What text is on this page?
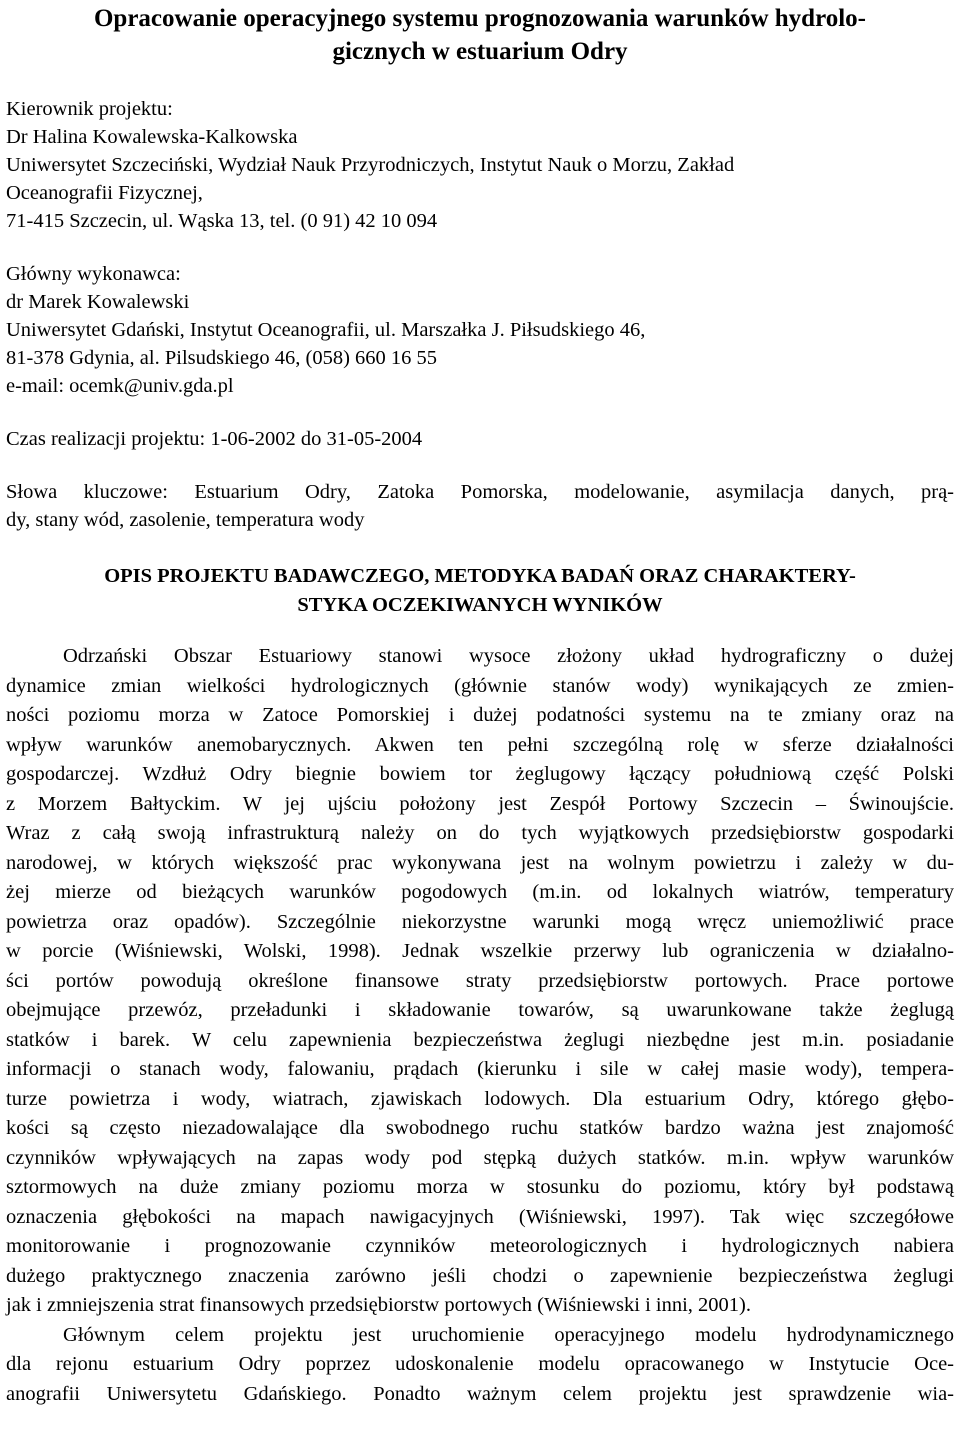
Opracowanie operacyjnego systemu prognozowania warunków hydrolo-
gicznych w estuarium Odry
Kierownik projektu:
Dr Halina Kowalewska-Kalkowska
Uniwersytet Szczeciński, Wydział Nauk Przyrodniczych, Instytut Nauk o Morzu, Zakład
Oceanografii Fizycznej,
71-415 Szczecin, ul. Wąska 13, tel. (0 91) 42 10 094
Główny wykonawca:
dr Marek Kowalewski
Uniwersytet Gdański, Instytut Oceanografii, ul. Marszałka J. Piłsudskiego 46,
81-378 Gdynia, al. Pilsudskiego 46, (058) 660 16 55
e-mail: ocemk@univ.gda.pl
Czas realizacji projektu: 1-06-2002 do 31-05-2004
Słowa kluczowe: Estuarium Odry, Zatoka Pomorska, modelowanie, asymilacja danych, prą-
dy, stany wód, zasolenie, temperatura wody
OPIS PROJEKTU BADAWCZEGO, METODYKA BADAŃ ORAZ CHARAKTERY-
STYKA OCZEKIWANYCH WYNIKÓW
Odrzański Obszar Estuariowy stanowi wysoce złożony układ hydrograficzny o dużej
dynamice zmian wielkości hydrologicznych (głównie stanów wody) wynikających ze zmien-
ności poziomu morza w Zatoce Pomorskiej i dużej podatności systemu na te zmiany oraz na
wpływ warunków anemobarycznych. Akwen ten pełni szczególną rolę w sferze działalności
gospodarczej. Wzdłuż Odry biegnie bowiem tor żeglugowy łączący południową część Polski
z Morzem Bałtyckim. W jej ujściu położony jest Zespół Portowy Szczecin – Świnoujście.
Wraz z całą swoją infrastrukturą należy on do tych wyjątkowych przedsiębiorstw gospodarki
narodowej, w których większość prac wykonywana jest na wolnym powietrzu i zależy w du-
żej mierze od bieżących warunków pogodowych (m.in. od lokalnych wiatrów, temperatury
powietrza oraz opadów). Szczególnie niekorzystne warunki mogą wręcz uniemożliwić prace
w porcie (Wiśniewski, Wolski, 1998). Jednak wszelkie przerwy lub ograniczenia w działalno-
ści portów powodują określone finansowe straty przedsiębiorstw portowych. Prace portowe
obejmujące przewóz, przeładunki i składowanie towarów, są uwarunkowane także żeglugą
statków i barek. W celu zapewnienia bezpieczeństwa żeglugi niezbędne jest m.in. posiadanie
informacji o stanach wody, falowaniu, prądach (kierunku i sile w całej masie wody), tempera-
turze powietrza i wody, wiatrach, zjawiskach lodowych. Dla estuarium Odry, którego głębo-
kości są często niezadowalające dla swobodnego ruchu statków bardzo ważna jest znajomość
czynników wpływających na zapas wody pod stępką dużych statków. m.in. wpływ warunków
sztormowych na duże zmiany poziomu morza w stosunku do poziomu, który był podstawą
oznaczenia głębokości na mapach nawigacyjnych (Wiśniewski, 1997). Tak więc szczegółowe
monitorowanie i prognozowanie czynników meteorologicznych i hydrologicznych nabiera
dużego praktycznego znaczenia zarówno jeśli chodzi o zapewnienie bezpieczeństwa żeglugi
jak i zmniejszenia strat finansowych przedsiębiorstw portowych (Wiśniewski i inni, 2001).
Głównym celem projektu jest uruchomienie operacyjnego modelu hydrodynamicznego
dla rejonu estuarium Odry poprzez udoskonalenie modelu opracowanego w Instytucie Oce-
anografii Uniwersytetu Gdańskiego. Ponadto ważnym celem projektu jest sprawdzenie wia-
